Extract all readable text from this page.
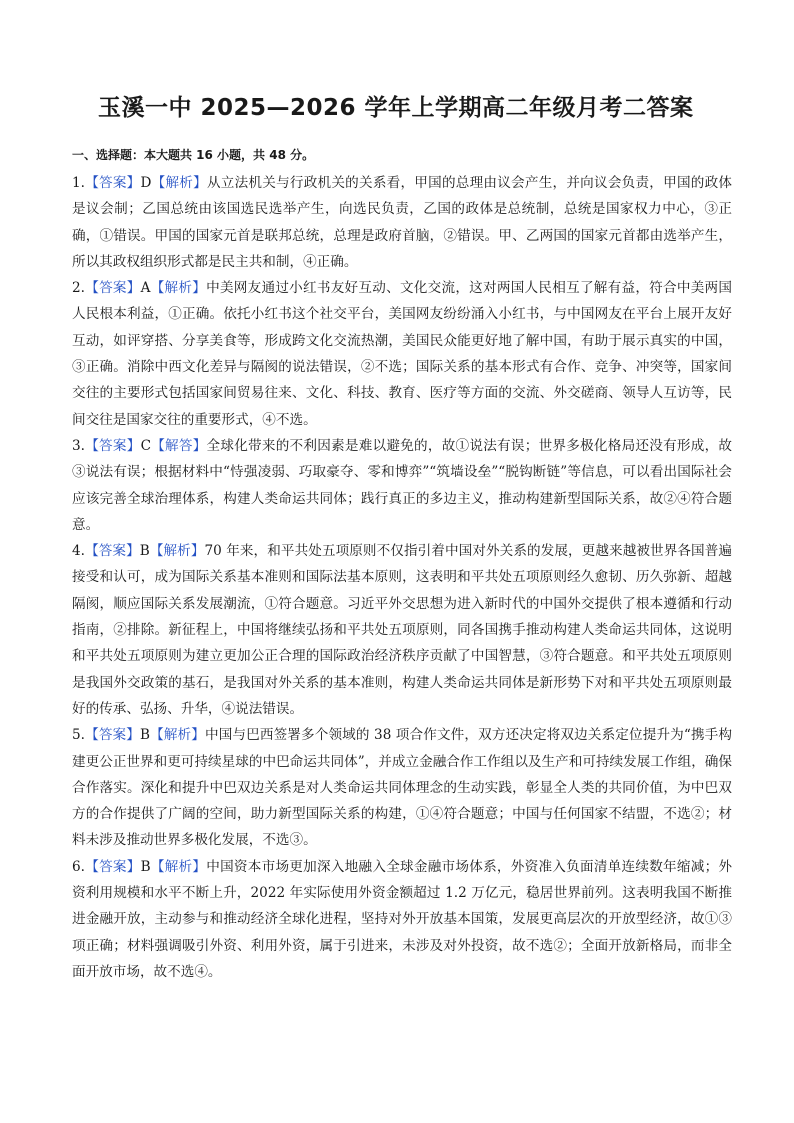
玉溪一中 2025—2026 学年上学期高二年级月考二答案
一、选择题：本大题共 16 小题，共 48 分。

1.【答案】D【解析】从立法机关与行政机关的关系看，甲国的总理由议会产生，并向议会负责，甲国的政体是议会制；乙国总统由该国选民选举产生，向选民负责，乙国的政体是总统制，总统是国家权力中心，③正确，①错误。甲国的国家元首是联邦总统，总理是政府首脑，②错误。甲、乙两国的国家元首都由选举产生，所以其政权组织形式都是民主共和制，④正确。

2.【答案】A【解析】中美网友通过小红书友好互动、文化交流，这对两国人民相互了解有益，符合中美两国人民根本利益，①正确。依托小红书这个社交平台，美国网友纷纷涌入小红书，与中国网友在平台上展开友好互动，如评穿搭、分享美食等，形成跨文化交流热潮，美国民众能更好地了解中国，有助于展示真实的中国，③正确。消除中西文化差异与隔阂的说法错误，②不选；国际关系的基本形式有合作、竞争、冲突等，国家间交往的主要形式包括国家间贸易往来、文化、科技、教育、医疗等方面的交流、外交磋商、领导人互访等，民间交往是国家交往的重要形式，④不选。

3.【答案】C【解答】全球化带来的不利因素是难以避免的，故①说法有误；世界多极化格局还没有形成，故③说法有误；根据材料中“恃强凌弱、巧取豪夺、零和博弈”“筑墙设垒”“脱钩断链”等信息，可以看出国际社会应该完善全球治理体系，构建人类命运共同体；践行真正的多边主义，推动构建新型国际关系，故②④符合题意。

4.【答案】B【解析】70 年来，和平共处五项原则不仅指引着中国对外关系的发展，更越来越被世界各国普遍接受和认可，成为国际关系基本准则和国际法基本原则，这表明和平共处五项原则经久愈韧、历久弥新、超越隔阂，顺应国际关系发展潮流，①符合题意。习近平外交思想为进入新时代的中国外交提供了根本遵循和行动指南，②排除。新征程上，中国将继续弘扬和平共处五项原则，同各国携手推动构建人类命运共同体，这说明和平共处五项原则为建立更加公正合理的国际政治经济秩序贡献了中国智慧，③符合题意。和平共处五项原则是我国外交政策的基石，是我国对外关系的基本准则，构建人类命运共同体是新形势下对和平共处五项原则最好的传承、弘扬、升华，④说法错误。

5.【答案】B【解析】中国与巴西签署多个领域的 38 项合作文件，双方还决定将双边关系定位提升为“携手构建更公正世界和更可持续星球的中巴命运共同体”，并成立金融合作工作组以及生产和可持续发展工作组，确保合作落实。深化和提升中巴双边关系是对人类命运共同体理念的生动实践，彰显全人类的共同价值，为中巴双方的合作提供了广阔的空间，助力新型国际关系的构建，①④符合题意；中国与任何国家不结盟，不选②；材料未涉及推动世界多极化发展，不选③。

6.【答案】B【解析】中国资本市场更加深入地融入全球金融市场体系，外资准入负面清单连续数年缩减；外资利用规模和水平不断上升，2022 年实际使用外资金额超过 1.2 万亿元，稳居世界前列。这表明我国不断推进金融开放，主动参与和推动经济全球化进程，坚持对外开放基本国策，发展更高层次的开放型经济，故①③项正确；材料强调吸引外资、利用外资，属于引进来，未涉及对外投资，故不选②；全面开放新格局，而非全面开放市场，故不选④。
